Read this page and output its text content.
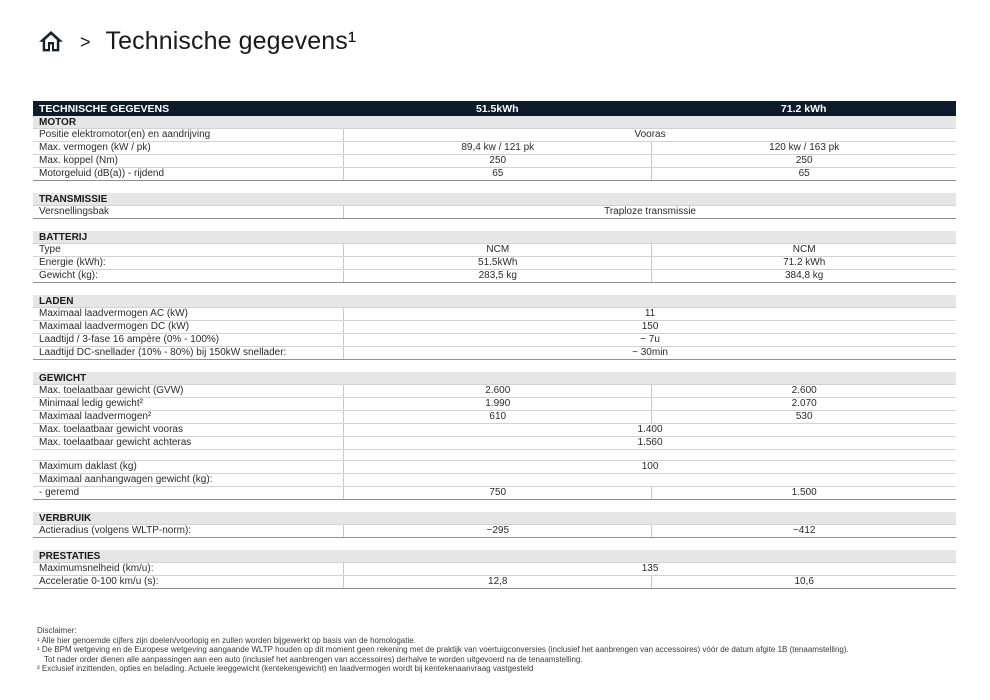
> Technische gegevens¹
TECHNISCHE GEGEVENS	51.5kWh	71.2 kWh
MOTOR
Positie elektromotor(en) en aandrijving	Vooras
Max. vermogen (kW / pk)	89,4 kw / 121 pk	120 kw / 163 pk
Max. koppel (Nm)	250	250
Motorgeluid (dB(a)) - rijdend	65	65
TRANSMISSIE
Versnellingsbak	Traploze transmissie
BATTERIJ
Type	NCM	NCM
Energie (kWh):	51.5kWh	71.2 kWh
Gewicht (kg):	283,5 kg	384,8 kg
LADEN
Maximaal laadvermogen AC (kW)	11
Maximaal laadvermogen DC (kW)	150
Laadtijd / 3-fase 16 ampère (0% - 100%)	~ 7u
Laadtijd DC-snellader (10% - 80%) bij 150kW snellader:	~ 30min
GEWICHT
Max. toelaatbaar gewicht (GVW)	2.600	2.600
Minimaal ledig gewicht²	1.990	2.070
Maximaal laadvermogen²	610	530
Max. toelaatbaar gewicht vooras	1.400
Max. toelaatbaar gewicht achteras	1.560
Maximum daklast (kg)	100
Maximaal aanhangwagen gewicht (kg):
- geremd	750	1.500
VERBRUIK
Actieradius (volgens WLTP-norm):	~295	~412
PRESTATIES
Maximumsnelheid (km/u):	135
Acceleratie 0-100 km/u (s):	12,8	10,6
Disclaimer:
¹ Alle hier genoemde cijfers zijn doelen/voorlopig en zullen worden bijgewerkt op basis van de homologatie.
¹ De BPM wetgeving en de Europese wetgeving aangaande WLTP houden op dit moment geen rekening met de praktijk van voertuigconversies (inclusief het aanbrengen van accessoires) vóór de datum afgite 1B (tenaamstelling).
Tot nader order dienen alle aanpassingen aan een auto (inclusief het aanbrengen van accessoires) derhalve te worden uitgevoerd na de tenaamstelling.
² Exclusief inzittenden, opties en belading. Actuele leeggewicht (kentekengewicht) en laadvermogen wordt bij kentekenaanvraag vastgesteld
